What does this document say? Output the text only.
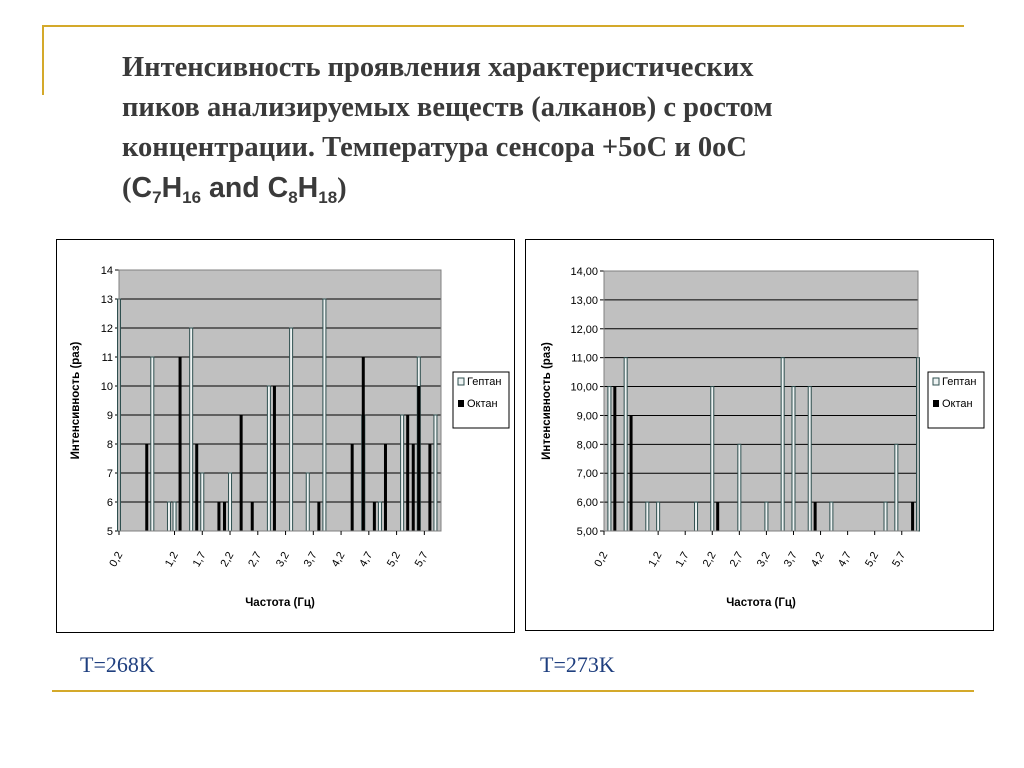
Интенсивность проявления характеристических
пиков анализируемых веществ (алканов) с ростом
концентрации. Температура сенсора +5оС и 0оС
($C_7H_{16}$ and $C_8H_{18}$)
5
6
7
8
9
10
11
12
13
14
0,2	1,2 1,7 2,2 2,7 3,2 3,7 4,2 4,7 5,2 5,7
Интенсивность (раз)
Частота (Гц)
Гептан
Октан
5,00
6,00
7,00
8,00
9,00
10,00
11,00
12,00
13,00
14,00
0,2	1,2 1,7 2,2 2,7 3,2 3,7 4,2 4,7 5,2 5,7
Интенсивность (раз)
Частота (Гц)
Гептан
Октан
T=268K	T=273K
